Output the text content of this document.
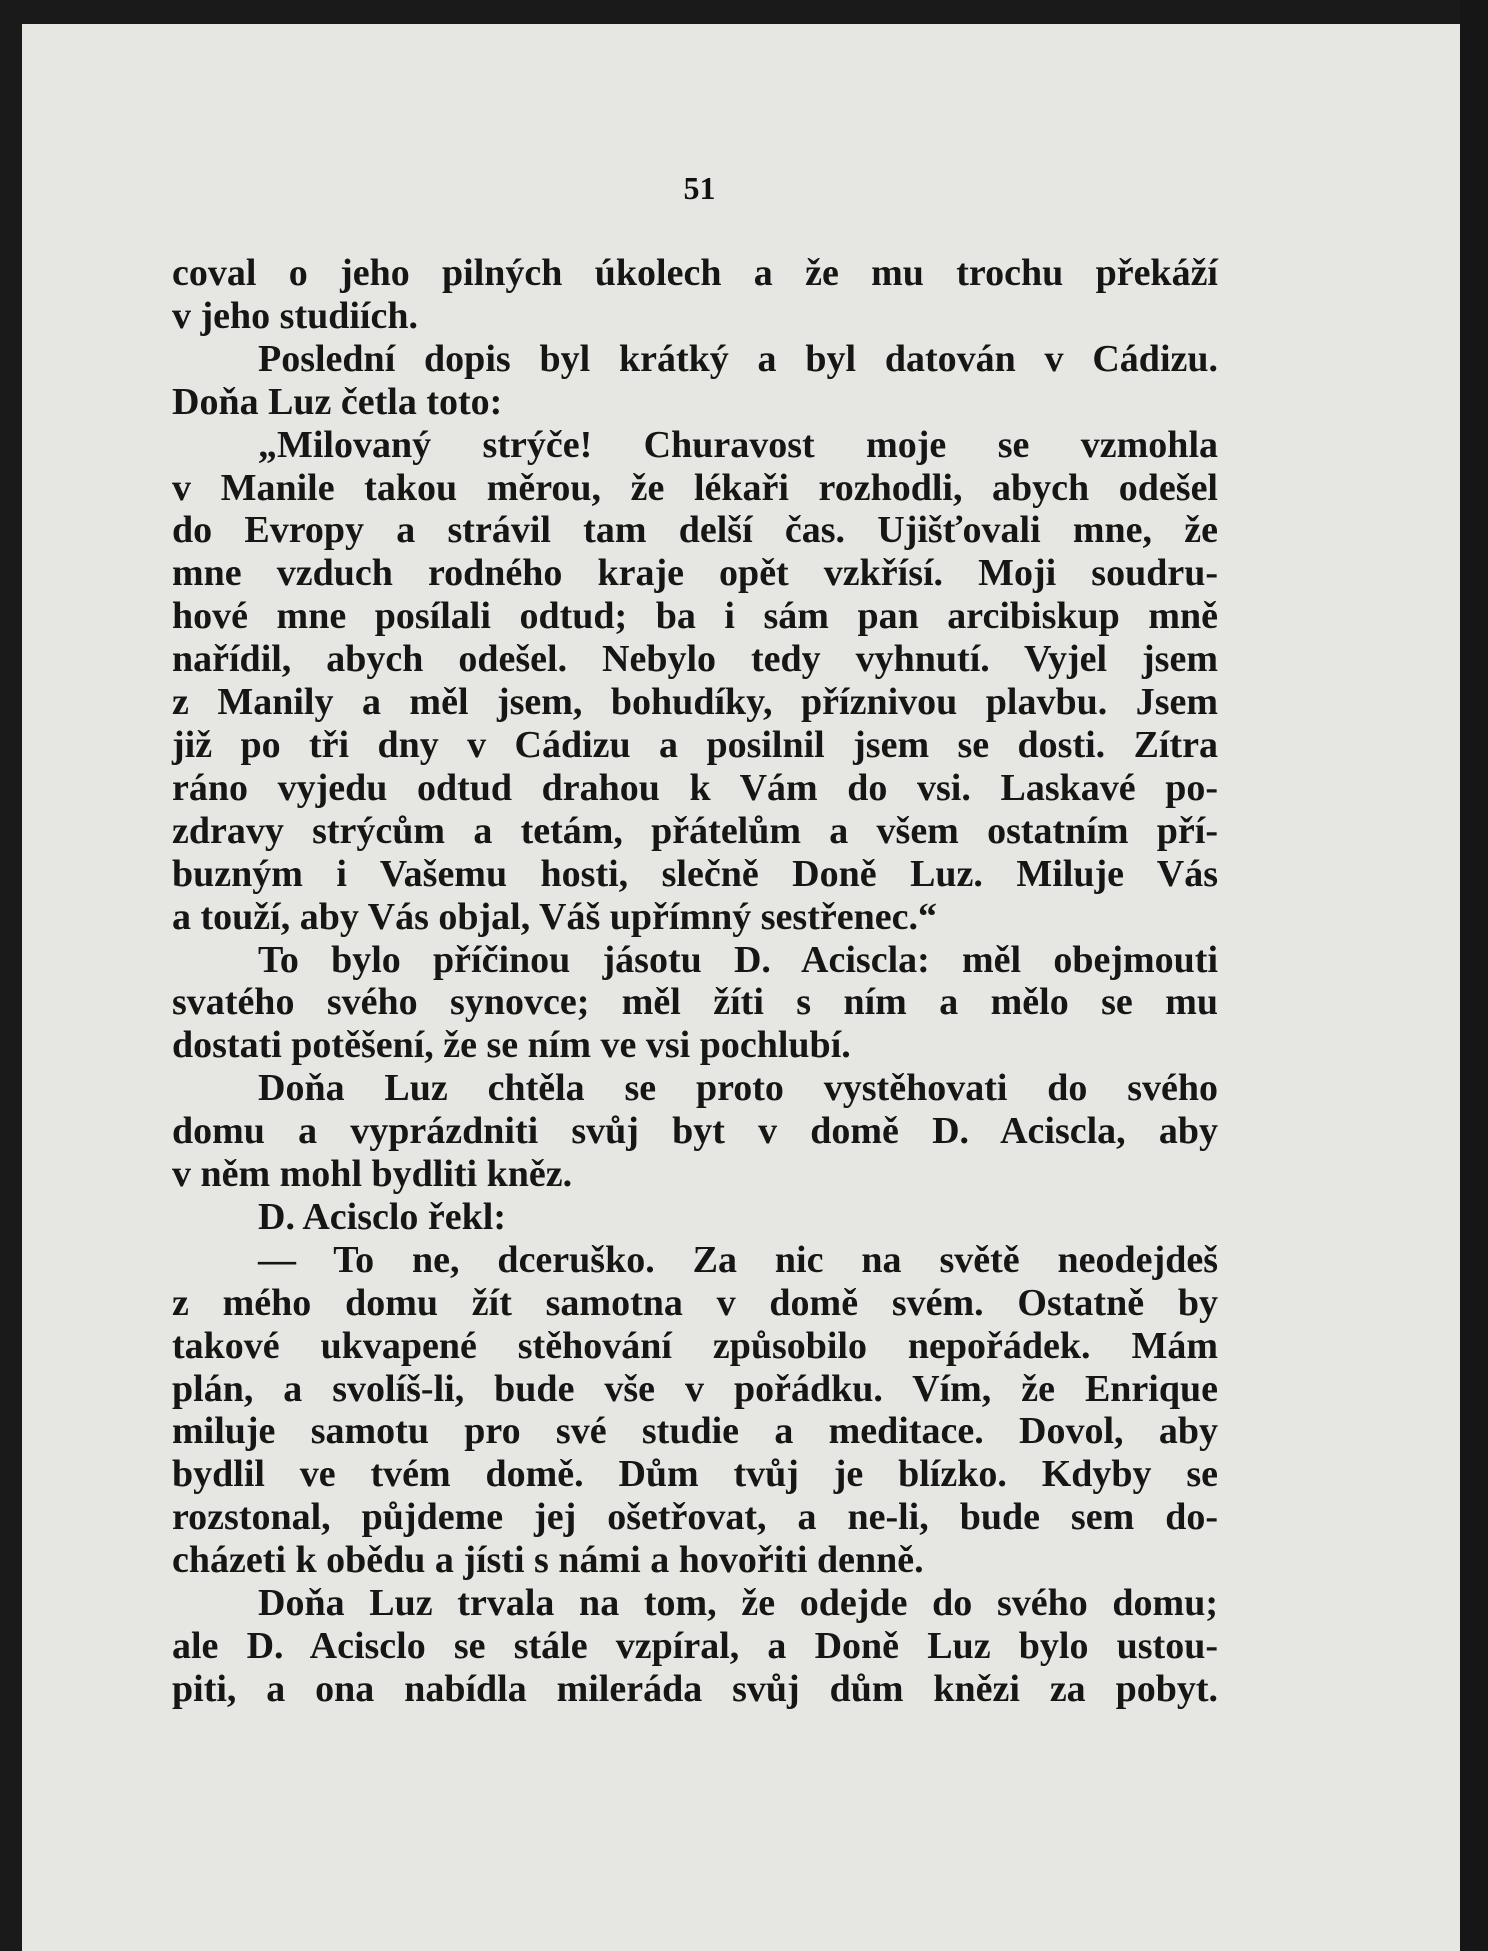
51
coval o jeho pilných úkolech a že mu trochu překáží
v jeho studiích.
Poslední dopis byl krátký a byl datován v Cádizu.
Doňa Luz četla toto:
„Milovaný strýče! Churavost moje se vzmohla
v Manile takou měrou, že lékaři rozhodli, abych odešel
do Evropy a strávil tam delší čas. Ujišťovali mne, že
mne vzduch rodného kraje opět vzkřísí. Moji soudru-
hové mne posílali odtud; ba i sám pan arcibiskup mně
nařídil, abych odešel. Nebylo tedy vyhnutí. Vyjel jsem
z Manily a měl jsem, bohudíky, příznivou plavbu. Jsem
již po tři dny v Cádizu a posilnil jsem se dosti. Zítra
ráno vyjedu odtud drahou k Vám do vsi. Laskavé po-
zdravy strýcům a tetám, přátelům a všem ostatním pří-
buzným i Vašemu hosti, slečně Doně Luz. Miluje Vás
a touží, aby Vás objal, Váš upřímný sestřenec.“
To bylo příčinou jásotu D. Aciscla: měl obejmouti
svatého svého synovce; měl žíti s ním a mělo se mu
dostati potěšení, že se ním ve vsi pochlubí.
Doňa Luz chtěla se proto vystěhovati do svého
domu a vyprázdniti svůj byt v domě D. Aciscla, aby
v něm mohl bydliti kněz.
D. Acisclo řekl:
— To ne, dceruško. Za nic na světě neodejdeš
z mého domu žít samotna v domě svém. Ostatně by
takové ukvapené stěhování způsobilo nepořádek. Mám
plán, a svolíš-li, bude vše v pořádku. Vím, že Enrique
miluje samotu pro své studie a meditace. Dovol, aby
bydlil ve tvém domě. Dům tvůj je blízko. Kdyby se
rozstonal, půjdeme jej ošetřovat, a ne-li, bude sem do-
cházeti k obědu a jísti s námi a hovořiti denně.
Doňa Luz trvala na tom, že odejde do svého domu;
ale D. Acisclo se stále vzpíral, a Doně Luz bylo ustou-
piti, a ona nabídla mileráda svůj dům knězi za pobyt.
